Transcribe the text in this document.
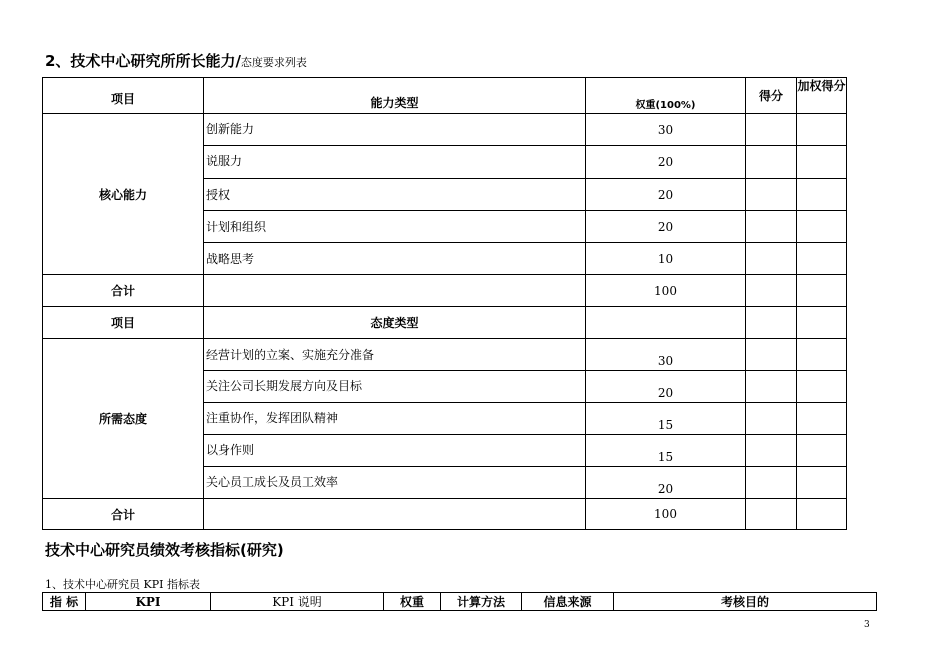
2、技术中心研究所所长能力/态度要求列表
项目	能力类型	权重(100%)	得分	加权得分
核心能力	创新能力	30		
	说服力	20		
	授权	20		
	计划和组织	20		
	战略思考	10		
合计		100		
项目	态度类型			
所需态度	经营计划的立案、实施充分准备	30		
	关注公司长期发展方向及目标	20		
	注重协作，发挥团队精神	15		
	以身作则	15		
	关心员工成长及员工效率	20		
合计		100		
技术中心研究员绩效考核指标(研究)
1、技术中心研究员 KPI 指标表
指 标	KPI	KPI 说明	权重	计算方法	信息来源	考核目的
3
